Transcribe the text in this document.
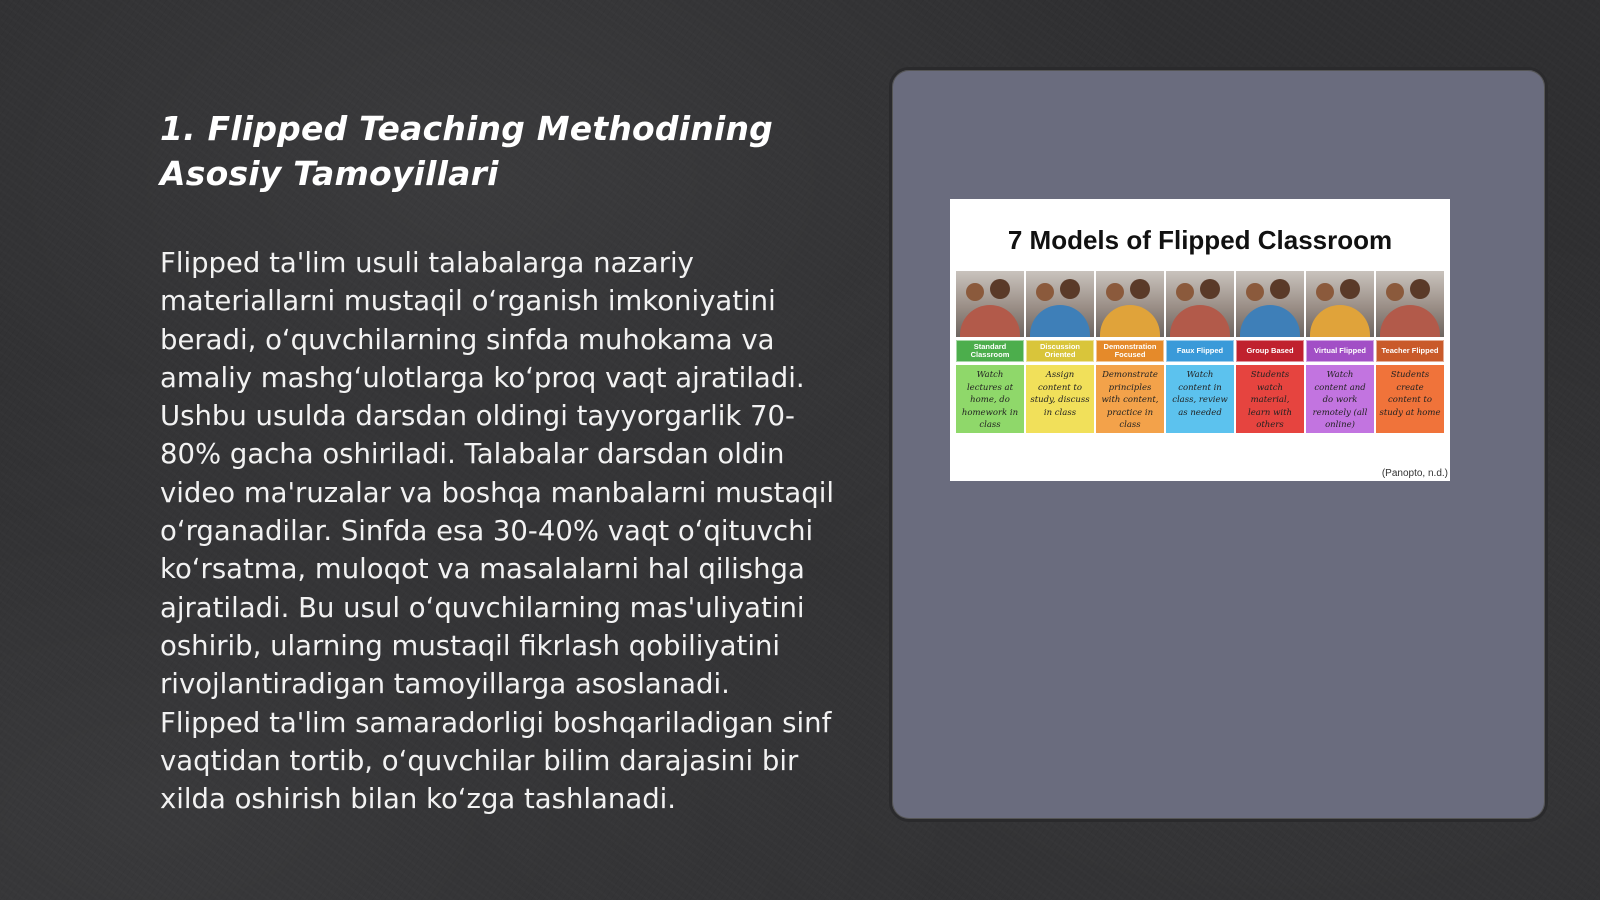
1. Flipped Teaching Methodining Asosiy Tamoyillari

Flipped ta'lim usuli talabalarga nazariy materiallarni mustaqil oʻrganish imkoniyatini beradi, oʻquvchilarning sinfda muhokama va amaliy mashgʻulotlarga koʻproq vaqt ajratiladi. Ushbu usulda darsdan oldingi tayyorgarlik 70-80% gacha oshiriladi. Talabalar darsdan oldin video ma'ruzalar va boshqa manbalarni mustaqil oʻrganadilar. Sinfda esa 30-40% vaqt oʻqituvchi koʻrsatma, muloqot va masalalarni hal qilishga ajratiladi. Bu usul oʻquvchilarning mas'uliyatini oshirib, ularning mustaqil fikrlash qobiliyatini rivojlantiradigan tamoyillarga asoslanadi. Flipped ta'lim samaradorligi boshqariladigan sinf vaqtidan tortib, oʻquvchilar bilim darajasini bir xilda oshirish bilan koʻzga tashlanadi.

7 Models of Flipped Classroom
Standard Classroom
Watch lectures at home, do homework in class
Discussion Oriented
Assign content to study, discuss in class
Demonstration Focused
Demonstrate principles with content, practice in class
Faux Flipped
Watch content in class, review as needed
Group Based
Students watch material, learn with others
Virtual Flipped
Watch content and do work remotely (all online)
Teacher Flipped
Students create content to study at home
(Panopto, n.d.)
